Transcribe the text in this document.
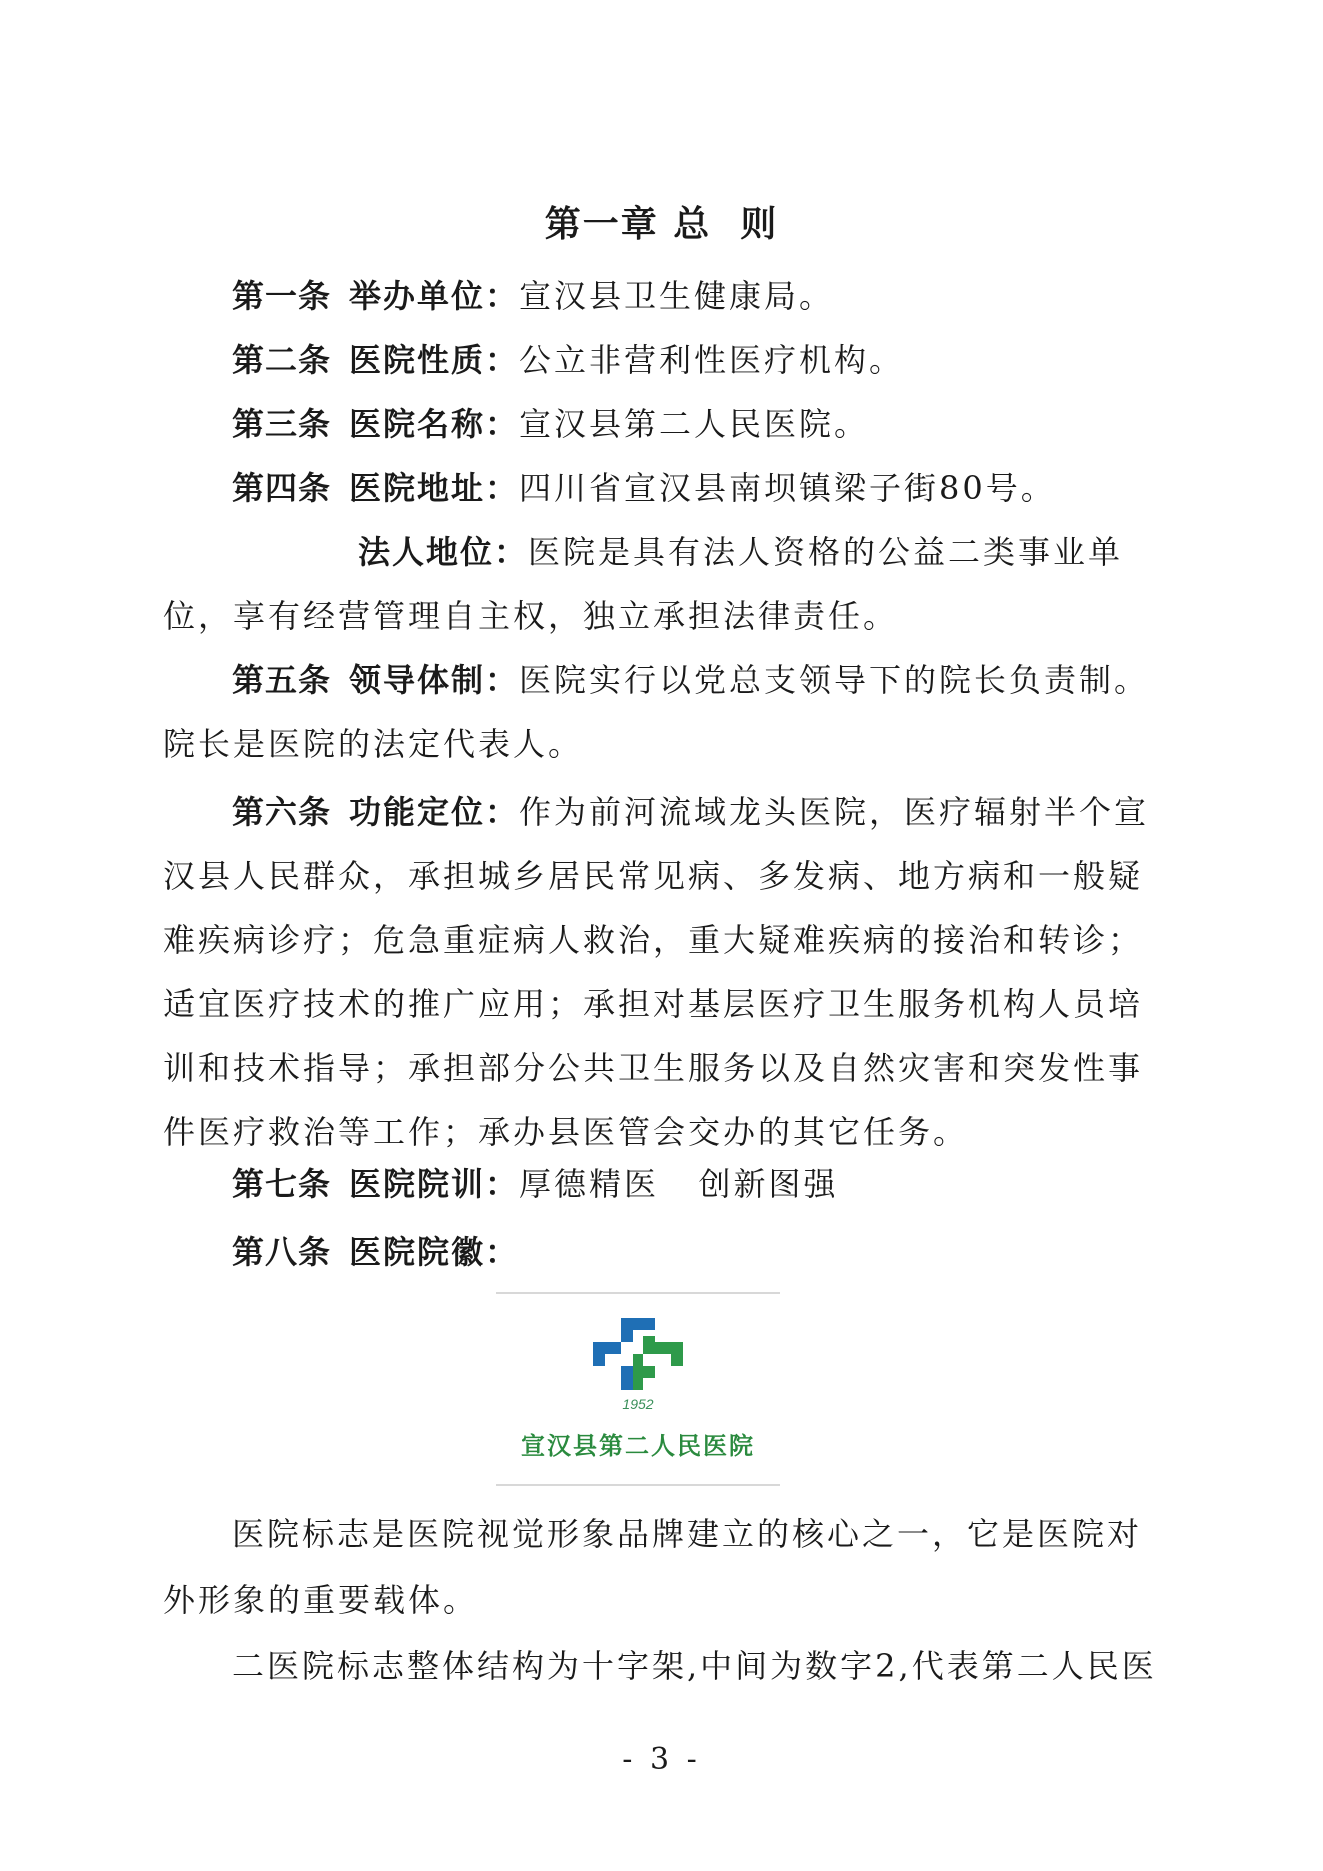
第一章 总  则
第一条 举办单位：宣汉县卫生健康局。
第二条 医院性质：公立非营利性医疗机构。
第三条 医院名称：宣汉县第二人民医院。
第四条 医院地址：四川省宣汉县南坝镇梁子街80号。
法人地位：医院是具有法人资格的公益二类事业单
位，享有经营管理自主权，独立承担法律责任。
第五条 领导体制：医院实行以党总支领导下的院长负责制。
院长是医院的法定代表人。
第六条 功能定位：作为前河流域龙头医院，医疗辐射半个宣
汉县人民群众，承担城乡居民常见病、多发病、地方病和一般疑
难疾病诊疗；危急重症病人救治，重大疑难疾病的接治和转诊；
适宜医疗技术的推广应用；承担对基层医疗卫生服务机构人员培
训和技术指导；承担部分公共卫生服务以及自然灾害和突发性事
件医疗救治等工作；承办县医管会交办的其它任务。
第七条 医院院训：厚德精医   创新图强
第八条 医院院徽：
1952
宣汉县第二人民医院
医院标志是医院视觉形象品牌建立的核心之一，它是医院对
外形象的重要载体。
二医院标志整体结构为十字架,中间为数字2,代表第二人民医
- 3 -
